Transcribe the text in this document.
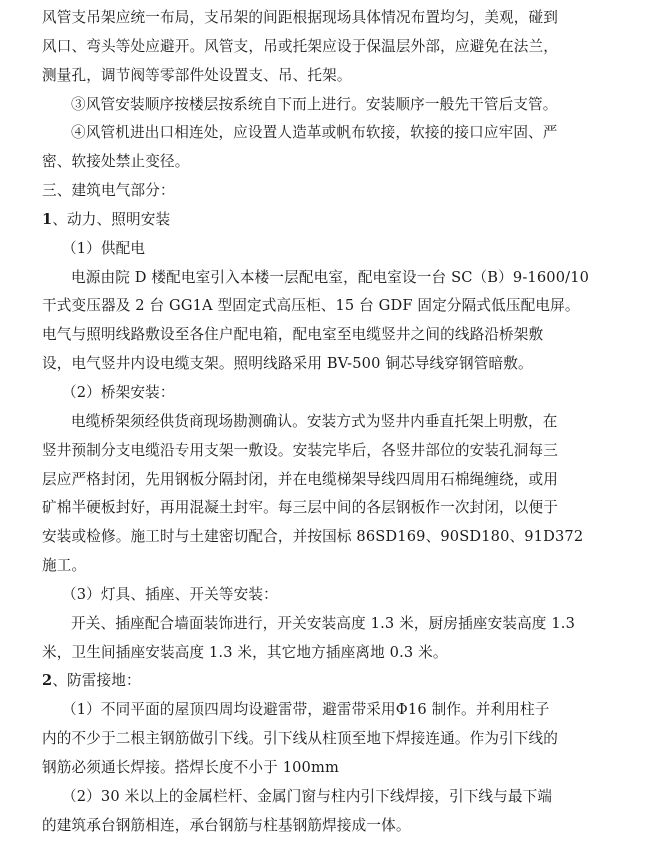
风管支吊架应统一布局，支吊架的间距根据现场具体情况布置均匀，美观，碰到
风口、弯头等处应避开。风管支，吊或托架应设于保温层外部，应避免在法兰，
测量孔，调节阀等零部件处设置支、吊、托架。
③风管安装顺序按楼层按系统自下而上进行。安装顺序一般先干管后支管。
④风管机进出口相连处，应设置人造革或帆布软接，软接的接口应牢固、严
密、软接处禁止变径。
三、建筑电气部分：
1、动力、照明安装
（1）供配电
电源由院 D 楼配电室引入本楼一层配电室，配电室设一台 SC（B）9-1600/10
干式变压器及 2 台 GG1A 型固定式高压柜、15 台 GDF 固定分隔式低压配电屏。
电气与照明线路敷设至各住户配电箱，配电室至电缆竖井之间的线路沿桥架敷
设，电气竖井内设电缆支架。照明线路采用 BV-500 铜芯导线穿钢管暗敷。
（2）桥架安装：
电缆桥架须经供货商现场勘测确认。安装方式为竖井内垂直托架上明敷，在
竖井预制分支电缆沿专用支架一敷设。安装完毕后，各竖井部位的安装孔洞每三
层应严格封闭，先用钢板分隔封闭，并在电缆梯架导线四周用石棉绳缠绕，或用
矿棉半硬板封好，再用混凝土封牢。每三层中间的各层钢板作一次封闭，以便于
安装或检修。施工时与土建密切配合，并按国标 86SD169、90SD180、91D372
施工。
（3）灯具、插座、开关等安装：
开关、插座配合墙面装饰进行，开关安装高度 1.3 米，厨房插座安装高度 1.3
米，卫生间插座安装高度 1.3 米，其它地方插座离地 0.3 米。
2、防雷接地：
（1）不同平面的屋顶四周均设避雷带，避雷带采用Φ16 制作。并利用柱子
内的不少于二根主钢筋做引下线。引下线从柱顶至地下焊接连通。作为引下线的
钢筋必须通长焊接。搭焊长度不小于 100mm
（2）30 米以上的金属栏杆、金属门窗与柱内引下线焊接，引下线与最下端
的建筑承台钢筋相连，承台钢筋与柱基钢筋焊接成一体。
